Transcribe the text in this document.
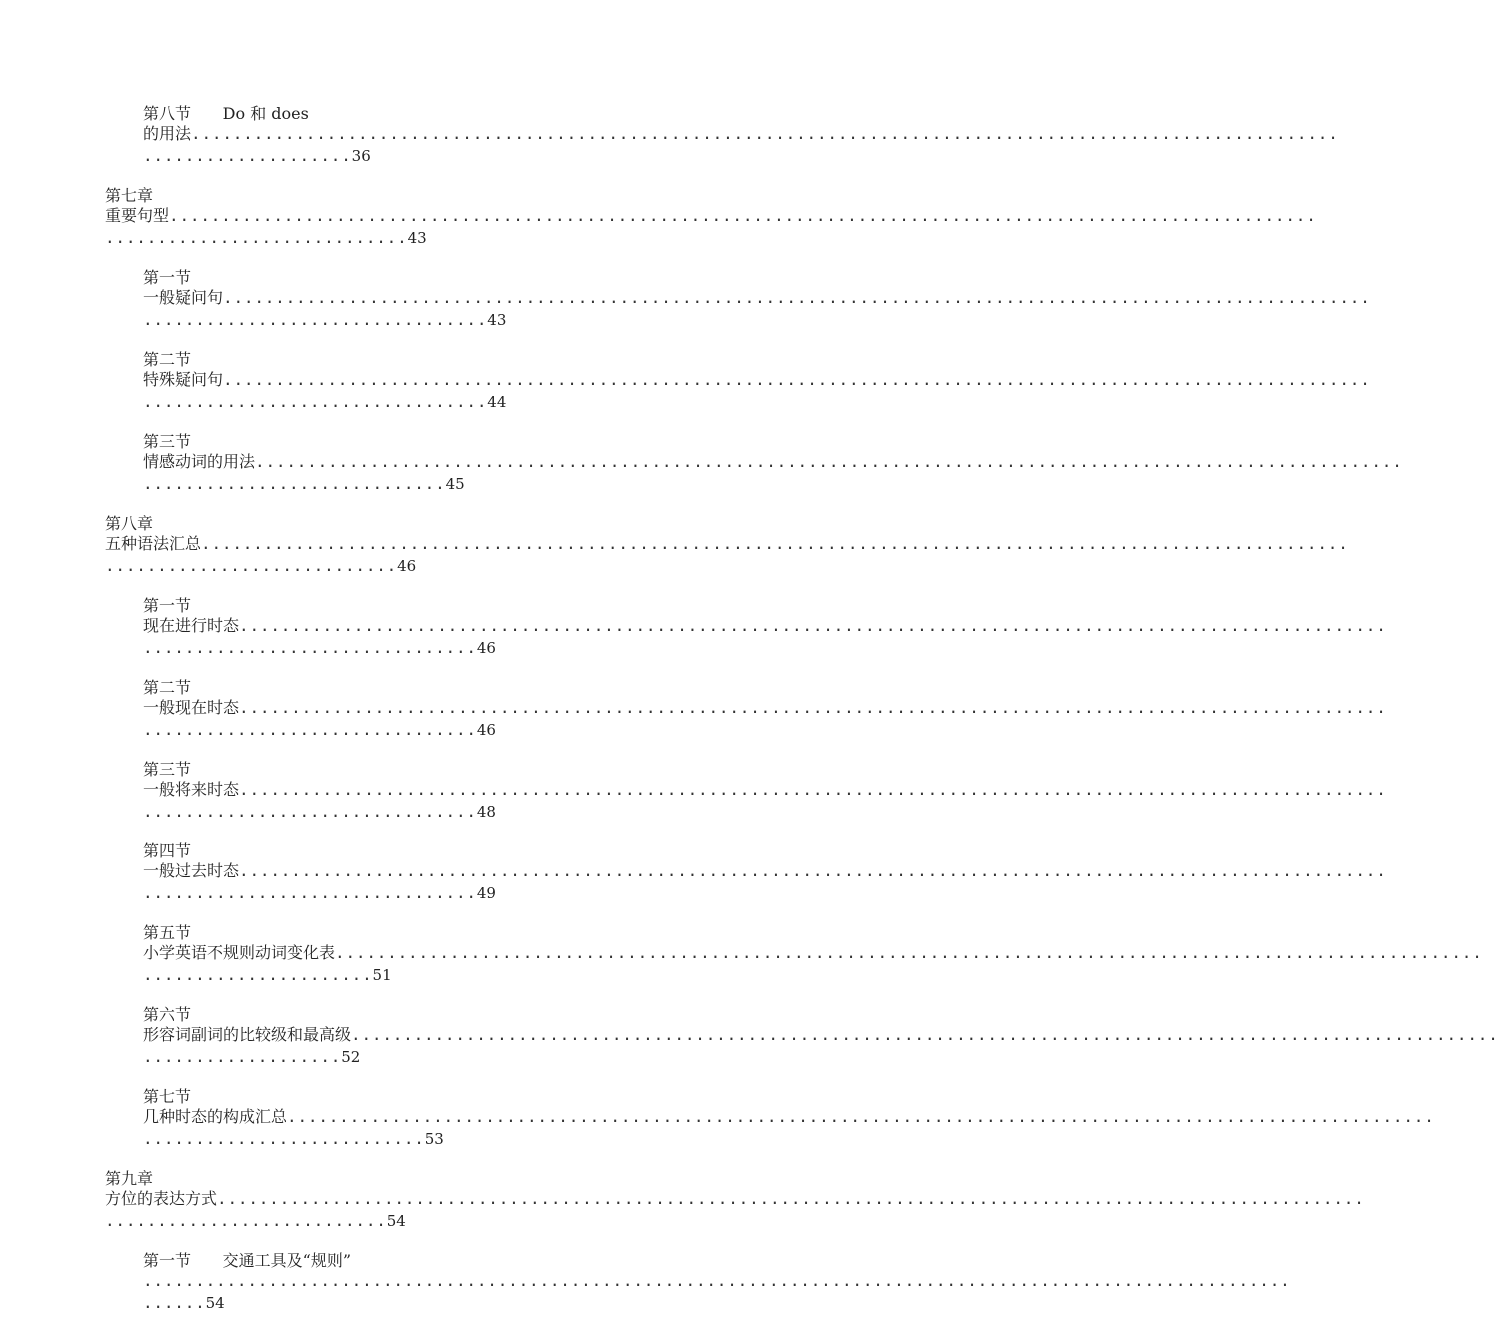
第八节 Do 和 does
的用法..............................................................................................................
....................36
第七章
重要句型..............................................................................................................
.............................43
第一节
一般疑问句..............................................................................................................
.................................43
第二节
特殊疑问句..............................................................................................................
.................................44
第三节
情感动词的用法..............................................................................................................
.............................45
第八章
五种语法汇总..............................................................................................................
............................46
第一节
现在进行时态..............................................................................................................
................................46
第二节
一般现在时态..............................................................................................................
................................46
第三节
一般将来时态..............................................................................................................
................................48
第四节
一般过去时态..............................................................................................................
................................49
第五节
小学英语不规则动词变化表..............................................................................................................
......................51
第六节
形容词副词的比较级和最高级..............................................................................................................
...................52
第七节
几种时态的构成汇总..............................................................................................................
...........................53
第九章
方位的表达方式..............................................................................................................
...........................54
第一节 交通工具及“规则”
..............................................................................................................
......54
